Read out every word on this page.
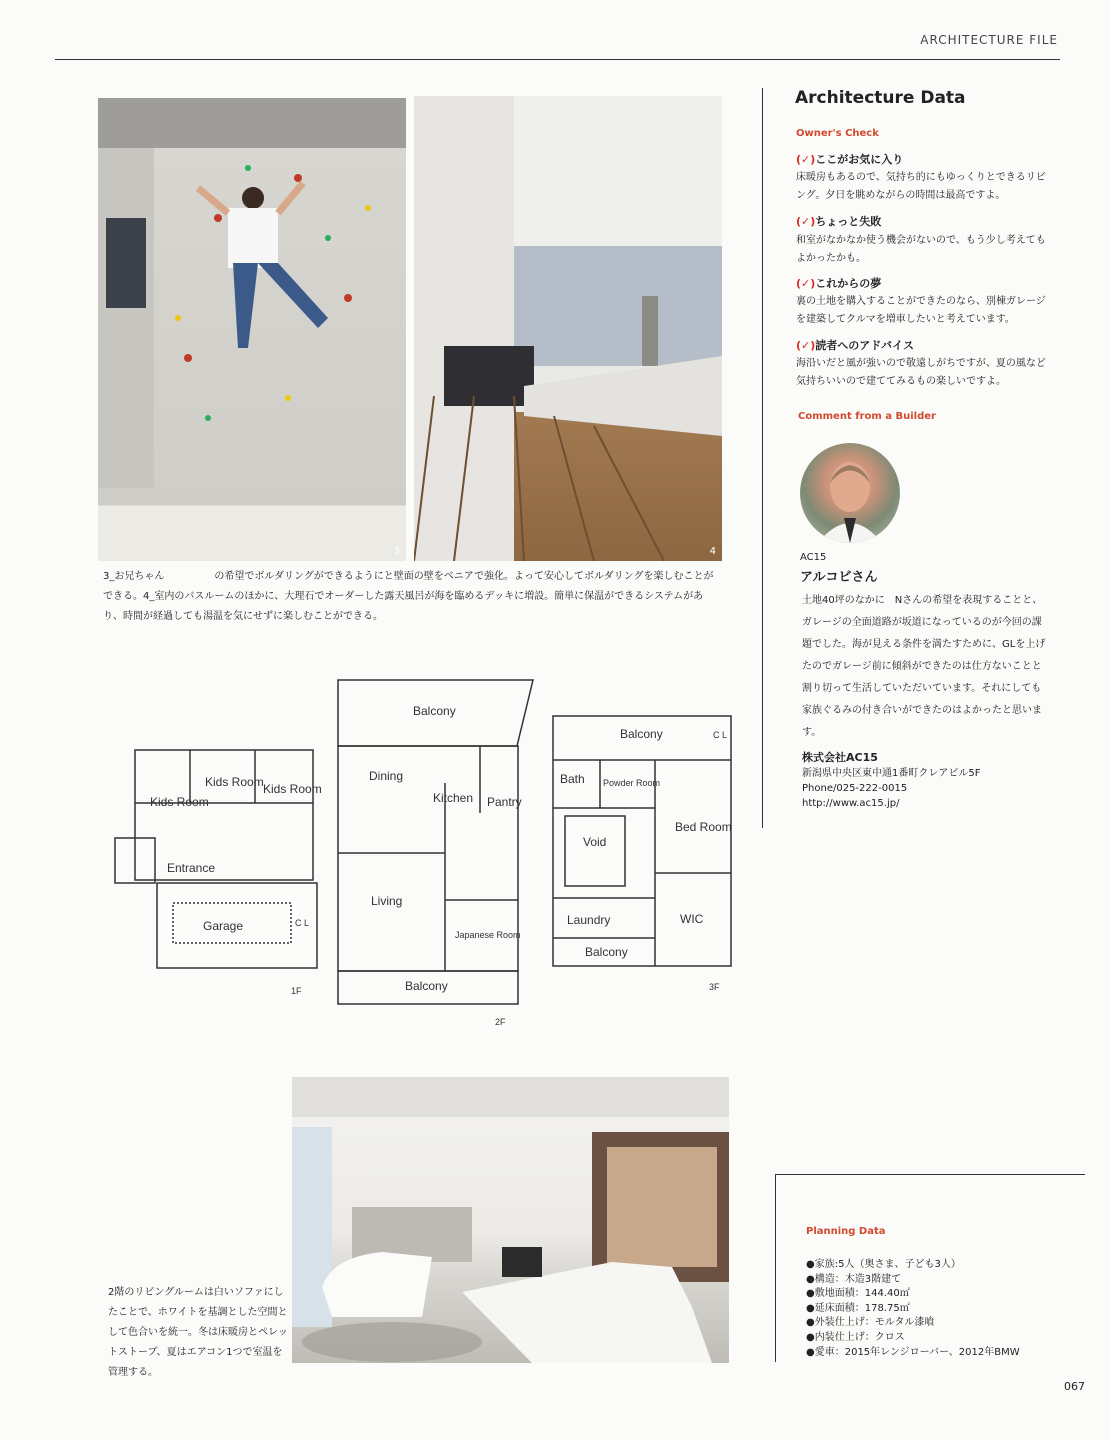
ARCHITECTURE FILE
3	4

3_お兄ちゃん　　　　　の希望でボルダリングができるようにと壁面の壁をベニアで強化。よって安心してボルダリングを楽しむことができる。4_室内のバスルームのほかに、大理石でオーダーした露天風呂が海を臨めるデッキに増設。簡単に保温ができるシステムがあり、時間が経過しても湯温を気にせずに楽しむことができる。

Kids Room
Kids Room Kids Room
Entrance
Garage	C L
1F
Balcony
Dining
Kitchen Pantry
Living
Japanese Room
Balcony
2F
Balcony	C L
Bath Powder Room
Void
Bed Room
Laundry	WIC
Balcony
3F
Architecture Data
Owner's Check
(✓)ここがお気に入り

床暖房もあるので、気持ち的にもゆっくりとできるリビング。夕日を眺めながらの時間は最高ですよ。

(✓)ちょっと失敗

和室がなかなか使う機会がないので、もう少し考えてもよかったかも。

(✓)これからの夢

裏の土地を購入することができたのなら、別棟ガレージを建築してクルマを増車したいと考えています。

(✓)読者へのアドバイス

海沿いだと風が強いので敬遠しがちですが、夏の風など気持ちいいので建ててみるもの楽しいですよ。

Comment from a Builder
AC15
アルコビさん

土地40坪のなかに　Nさんの希望を表現することと、ガレージの全面道路が坂道になっているのが今回の課題でした。海が見える条件を満たすために、GLを上げたのでガレージ前に傾斜ができたのは仕方ないことと割り切って生活していただいています。それにしても家族ぐるみの付き合いができたのはよかったと思います。

株式会社AC15
新潟県中央区東中通1番町クレアビル5F
Phone/025-222-0015
http://www.ac15.jp/

2階のリビングルームは白いソファにしたことで、ホワイトを基調とした空間として色合いを統一。冬は床暖房とペレットストーブ、夏はエアコン1つで室温を管理する。

Planning Data
●家族:5人（奥さま、子ども3人）
●構造：木造3階建て
●敷地面積：144.40㎡
●延床面積：178.75㎡
●外装仕上げ：モルタル漆喰
●内装仕上げ：クロス
●愛車：2015年レンジローバー、2012年BMW
067
